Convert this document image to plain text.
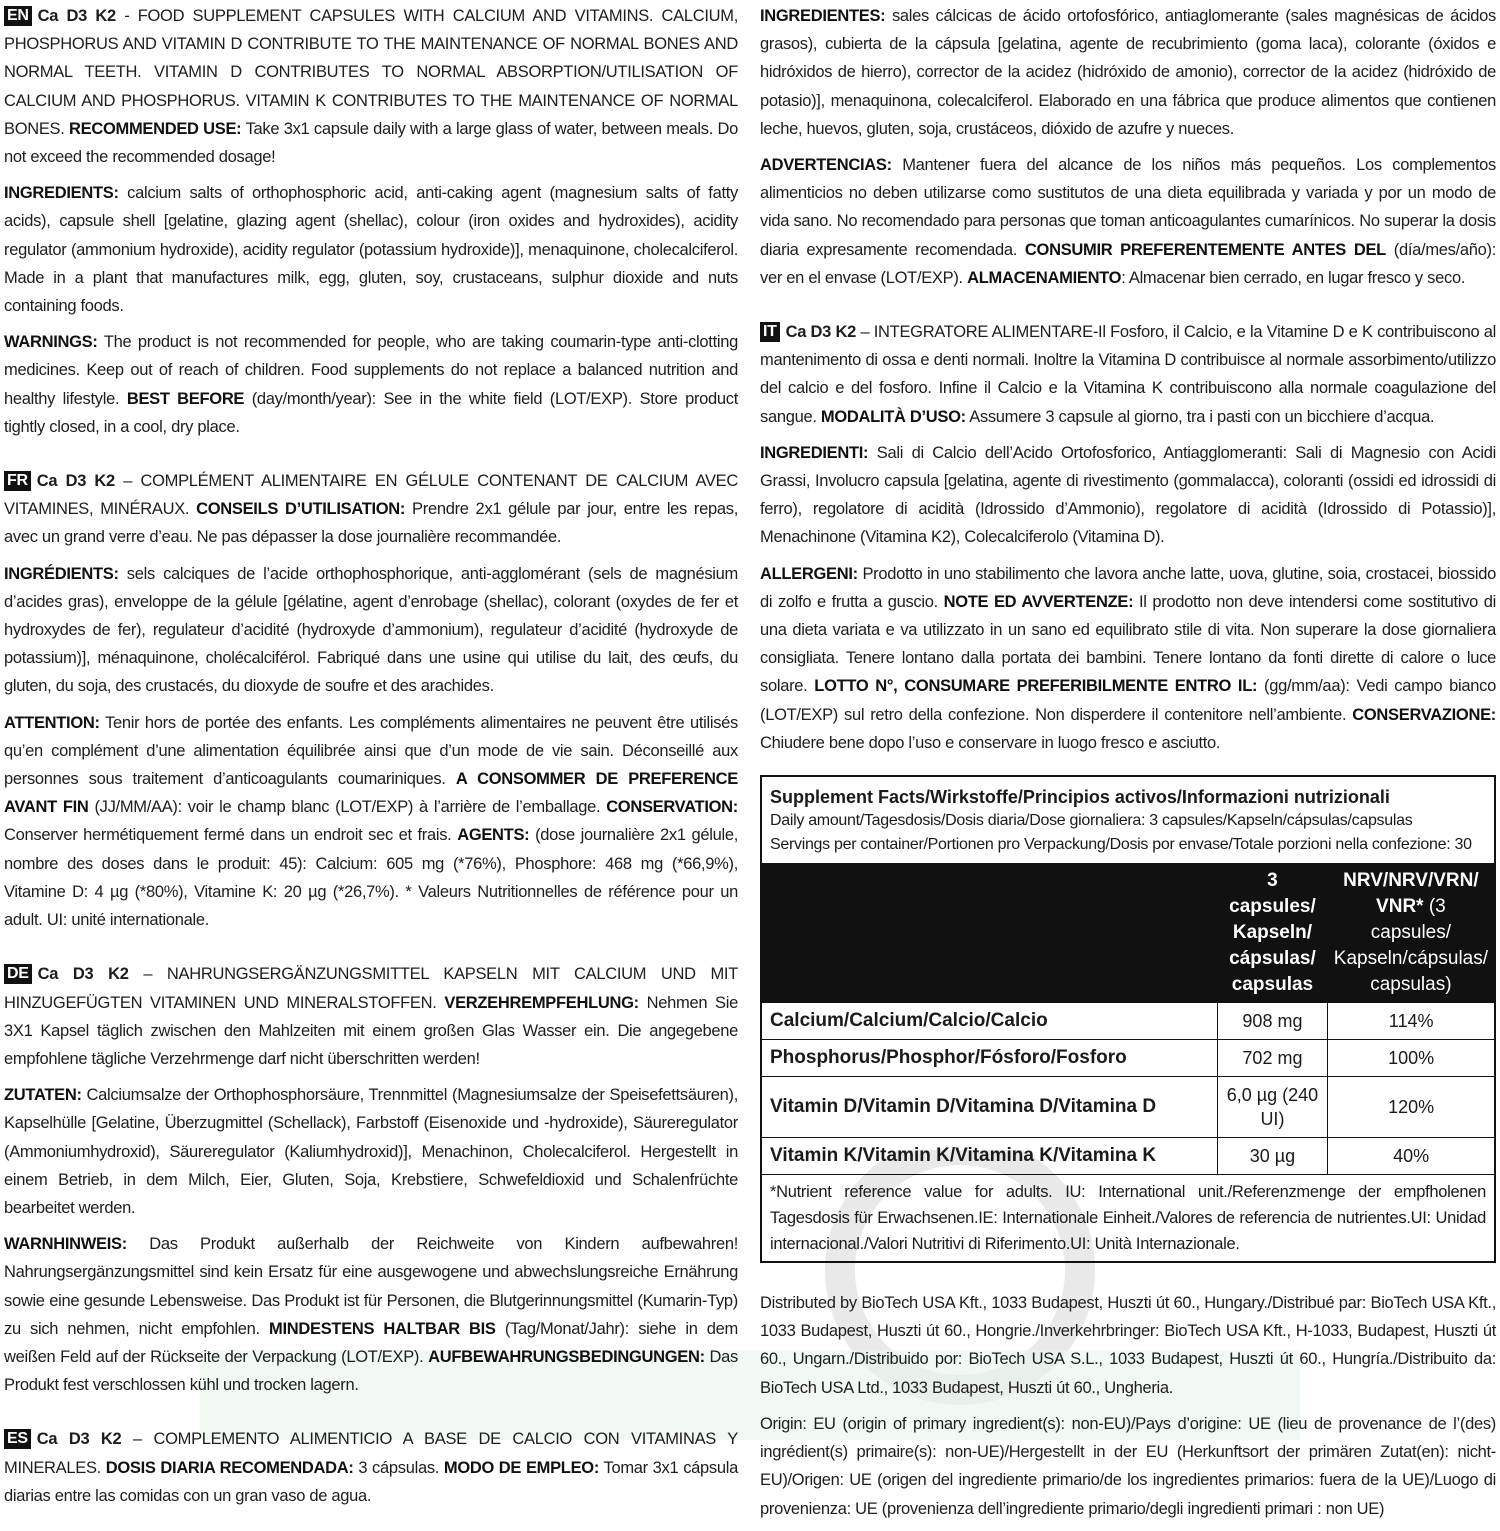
EN Ca D3 K2 - FOOD SUPPLEMENT CAPSULES WITH CALCIUM AND VITAMINS. CALCIUM, PHOSPHORUS AND VITAMIN D CONTRIBUTE TO THE MAINTENANCE OF NORMAL BONES AND NORMAL TEETH. VITAMIN D CONTRIBUTES TO NORMAL ABSORPTION/UTILISATION OF CALCIUM AND PHOSPHORUS. VITAMIN K CONTRIBUTES TO THE MAINTENANCE OF NORMAL BONES. RECOMMENDED USE: Take 3x1 capsule daily with a large glass of water, between meals. Do not exceed the recommended dosage!

INGREDIENTS: calcium salts of orthophosphoric acid, anti-caking agent (magnesium salts of fatty acids), capsule shell [gelatine, glazing agent (shellac), colour (iron oxides and hydroxides), acidity regulator (ammonium hydroxide), acidity regulator (potassium hydroxide)], menaquinone, cholecalciferol. Made in a plant that manufactures milk, egg, gluten, soy, crustaceans, sulphur dioxide and nuts containing foods.

WARNINGS: The product is not recommended for people, who are taking coumarin-type anti-clotting medicines. Keep out of reach of children. Food supplements do not replace a balanced nutrition and healthy lifestyle. BEST BEFORE (day/month/year): See in the white field (LOT/EXP). Store product tightly closed, in a cool, dry place.

FR Ca D3 K2 – COMPLÉMENT ALIMENTAIRE EN GÉLULE CONTENANT DE CALCIUM AVEC VITAMINES, MINÉRAUX. CONSEILS D’UTILISATION: Prendre 2x1 gélule par jour, entre les repas, avec un grand verre d’eau. Ne pas dépasser la dose journalière recommandée.

INGRÉDIENTS: sels calciques de l’acide orthophosphorique, anti-agglomérant (sels de magnésium d’acides gras), enveloppe de la gélule [gélatine, agent d’enrobage (shellac), colorant (oxydes de fer et hydroxydes de fer), regulateur d’acidité (hydroxyde d’ammonium), regulateur d’acidité (hydroxyde de potassium)], ménaquinone, cholécalciférol. Fabriqué dans une usine qui utilise du lait, des œufs, du gluten, du soja, des crustacés, du dioxyde de soufre et des arachides.

ATTENTION: Tenir hors de portée des enfants. Les compléments alimentaires ne peuvent être utilisés qu’en complément d’une alimentation équilibrée ainsi que d’un mode de vie sain. Déconseillé aux personnes sous traitement d’anticoagulants coumariniques. A CONSOMMER DE PREFERENCE AVANT FIN (JJ/MM/AA): voir le champ blanc (LOT/EXP) à l’arrière de l’emballage. CONSERVATION: Conserver hermétiquement fermé dans un endroit sec et frais. AGENTS: (dose journalière 2x1 gélule, nombre des doses dans le produit: 45): Calcium: 605 mg (*76%), Phosphore: 468 mg (*66,9%), Vitamine D: 4 µg (*80%), Vitamine K: 20 µg (*26,7%). * Valeurs Nutritionnelles de référence pour un adult. UI: unité internationale.

DE Ca D3 K2 – NAHRUNGSERGÄNZUNGSMITTEL KAPSELN MIT CALCIUM UND MIT HINZUGEFÜGTEN VITAMINEN UND MINERALSTOFFEN. VERZEHREMPFEHLUNG: Nehmen Sie 3X1 Kapsel täglich zwischen den Mahlzeiten mit einem großen Glas Wasser ein. Die angegebene empfohlene tägliche Verzehrmenge darf nicht überschritten werden!

ZUTATEN: Calciumsalze der Orthophosphorsäure, Trennmittel (Magnesiumsalze der Speisefettsäuren), Kapselhülle [Gelatine, Überzugmittel (Schellack), Farbstoff (Eisenoxide und -hydroxide), Säureregulator (Ammoniumhydroxid), Säureregulator (Kaliumhydroxid)], Menachinon, Cholecalciferol. Hergestellt in einem Betrieb, in dem Milch, Eier, Gluten, Soja, Krebstiere, Schwefeldioxid und Schalenfrüchte bearbeitet werden.

WARNHINWEIS: Das Produkt außerhalb der Reichweite von Kindern aufbewahren! Nahrungsergänzungsmittel sind kein Ersatz für eine ausgewogene und abwechslungsreiche Ernährung sowie eine gesunde Lebensweise. Das Produkt ist für Personen, die Blutgerinnungsmittel (Kumarin-Typ) zu sich nehmen, nicht empfohlen. MINDESTENS HALTBAR BIS (Tag/Monat/Jahr): siehe in dem weißen Feld auf der Rückseite der Verpackung (LOT/EXP). AUFBEWAHRUNGSBEDINGUNGEN: Das Produkt fest verschlossen kühl und trocken lagern.

ES Ca D3 K2 – COMPLEMENTO ALIMENTICIO A BASE DE CALCIO CON VITAMINAS Y MINERALES. DOSIS DIARIA RECOMENDADA: 3 cápsulas. MODO DE EMPLEO: Tomar 3x1 cápsula diarias entre las comidas con un gran vaso de agua.

INGREDIENTES: sales cálcicas de ácido ortofosfórico, antiaglomerante (sales magnésicas de ácidos grasos), cubierta de la cápsula [gelatina, agente de recubrimiento (goma laca), colorante (óxidos e hidróxidos de hierro), corrector de la acidez (hidróxido de amonio), corrector de la acidez (hidróxido de potasio)], menaquinona, colecalciferol. Elaborado en una fábrica que produce alimentos que contienen leche, huevos, gluten, soja, crustáceos, dióxido de azufre y nueces.

ADVERTENCIAS: Mantener fuera del alcance de los niños más pequeños. Los complementos alimenticios no deben utilizarse como sustitutos de una dieta equilibrada y variada y por un modo de vida sano. No recomendado para personas que toman anticoagulantes cumarínicos. No superar la dosis diaria expresamente recomendada. CONSUMIR PREFERENTEMENTE ANTES DEL (día/mes/año): ver en el envase (LOT/EXP). ALMACENAMIENTO: Almacenar bien cerrado, en lugar fresco y seco.

IT Ca D3 K2 – INTEGRATORE ALIMENTARE-Il Fosforo, il Calcio, e la Vitamine D e K contribuiscono al mantenimento di ossa e denti normali. Inoltre la Vitamina D contribuisce al normale assorbimento/utilizzo del calcio e del fosforo. Infine il Calcio e la Vitamina K contribuiscono alla normale coagulazione del sangue. MODALITÀ D’USO: Assumere 3 capsule al giorno, tra i pasti con un bicchiere d’acqua.

INGREDIENTI: Sali di Calcio dell’Acido Ortofosforico, Antiagglomeranti: Sali di Magnesio con Acidi Grassi, Involucro capsula [gelatina, agente di rivestimento (gommalacca), coloranti (ossidi ed idrossidi di ferro), regolatore di acidità (Idrossido d’Ammonio), regolatore di acidità (Idrossido di Potassio)], Menachinone (Vitamina K2), Colecalciferolo (Vitamina D).

ALLERGENI: Prodotto in uno stabilimento che lavora anche latte, uova, glutine, soia, crostacei, biossido di zolfo e frutta a guscio. NOTE ED AVVERTENZE: Il prodotto non deve intendersi come sostitutivo di una dieta variata e va utilizzato in un sano ed equilibrato stile di vita. Non superare la dose giornaliera consigliata. Tenere lontano dalla portata dei bambini. Tenere lontano da fonti dirette di calore o luce solare. LOTTO N°, CONSUMARE PREFERIBILMENTE ENTRO IL: (gg/mm/aa): Vedi campo bianco (LOT/EXP) sul retro della confezione. Non disperdere il contenitore nell’ambiente. CONSERVAZIONE: Chiudere bene dopo l’uso e conservare in luogo fresco e asciutto.

Supplement Facts/Wirkstoffe/Principios activos/Informazioni nutrizionali

Daily amount/Tagesdosis/Dosis diaria/Dose giornaliera: 3 capsules/Kapseln/cápsulas/capsulas

Servings per container/Portionen pro Verpackung/Dosis por envase/Totale porzioni nella confezione: 30

	3 capsules/ Kapseln/ cápsulas/ capsulas	NRV/NRV/VRN/ VNR* (3 capsules/ Kapseln/cápsulas/ capsulas)
Calcium/Calcium/Calcio/Calcio	908 mg	114%
Phosphorus/Phosphor/Fósforo/Fosforo	702 mg	100%
Vitamin D/Vitamin D/Vitamina D/Vitamina D	6,0 µg (240 UI)	120%
Vitamin K/Vitamin K/Vitamina K/Vitamina K	30 µg	40%
*Nutrient reference value for adults. IU: International unit./Referenzmenge der empfholenen Tagesdosis für Erwachsenen.IE: Internationale Einheit./Valores de referencia de nutrientes.UI: Unidad internacional./Valori Nutritivi di Riferimento.UI: Unità Internazionale.

Distributed by BioTech USA Kft., 1033 Budapest, Huszti út 60., Hungary./Distribué par: BioTech USA Kft., 1033 Budapest, Huszti út 60., Hongrie./Inverkehrbringer: BioTech USA Kft., H-1033, Budapest, Huszti út 60., Ungarn./Distribuido por: BioTech USA S.L., 1033 Budapest, Huszti út 60., Hungría./Distribuito da: BioTech USA Ltd., 1033 Budapest, Huszti út 60., Ungheria.

Origin: EU (origin of primary ingredient(s): non-EU)/Pays d’origine: UE (lieu de provenance de l’(des) ingrédient(s) primaire(s): non-UE)/Hergestellt in der EU (Herkunftsort der primären Zutat(en): nicht-EU)/Origen: UE (origen del ingrediente primario/de los ingredientes primarios: fuera de la UE)/Luogo di provenienza: UE (provenienza dell’ingrediente primario/degli ingredienti primari : non UE)
